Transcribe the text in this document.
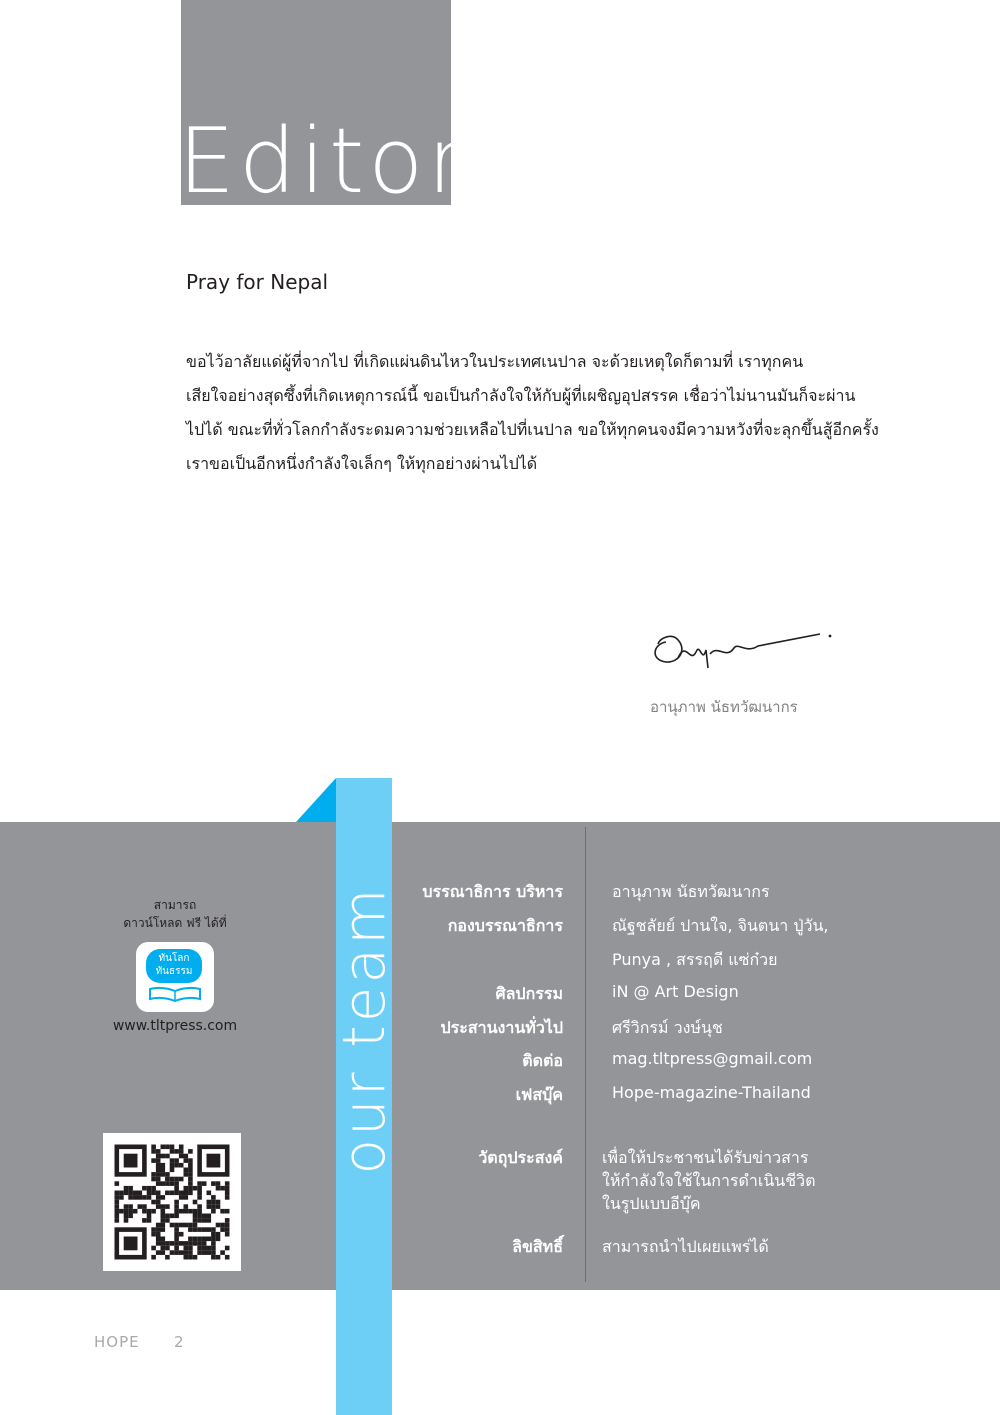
Editor
Pray for Nepal
ขอไว้อาลัยแด่ผู้ที่จากไป ที่เกิดแผ่นดินไหวในประเทศเนปาล จะด้วยเหตุใดก็ตามที่ เราทุกคน
เสียใจอย่างสุดซึ้งที่เกิดเหตุการณ์นี้ ขอเป็นกำลังใจให้กับผู้ที่เผชิญอุปสรรค เชื่อว่าไม่นานมันก็จะผ่าน
ไปได้ ขณะที่ทั่วโลกกำลังระดมความช่วยเหลือไปที่เนปาล ขอให้ทุกคนจงมีความหวังที่จะลุกขึ้นสู้อีกครั้ง
เราขอเป็นอีกหนึ่งกำลังใจเล็กๆ ให้ทุกอย่างผ่านไปได้
อานุภาพ นัธทวัฒนากร
our team บรรณาธิการ บริหาร	อานุภาพ นัธทวัฒนากร
กองบรรณาธิการ	ณัฐชลัยย์ ปานใจ, จินตนา ปู่วัน,
Punya , สรรฤดี แซ่ก๋วย
ศิลปกรรม	iN @ Art Design
ประสานงานทั่วไป	ศรีวิกรม์ วงษ์นุช
ติดต่อ	mag.tltpress@gmail.com
เฟสบุ๊ค	Hope-magazine-Thailand
วัตถุประสงค์ เพื่อให้ประชาชนได้รับข่าวสาร
ให้กำลังใจใช้ในการดำเนินชีวิต
ในรูปแบบอีบุ๊ค
ลิขสิทธิ์ สามารถนำไปเผยแพร่ได้
สามารถ
ดาวน์โหลด ฟรี ได้ที่
ทันโลก
ทันธรรม
www.tltpress.com
HOPE 2
